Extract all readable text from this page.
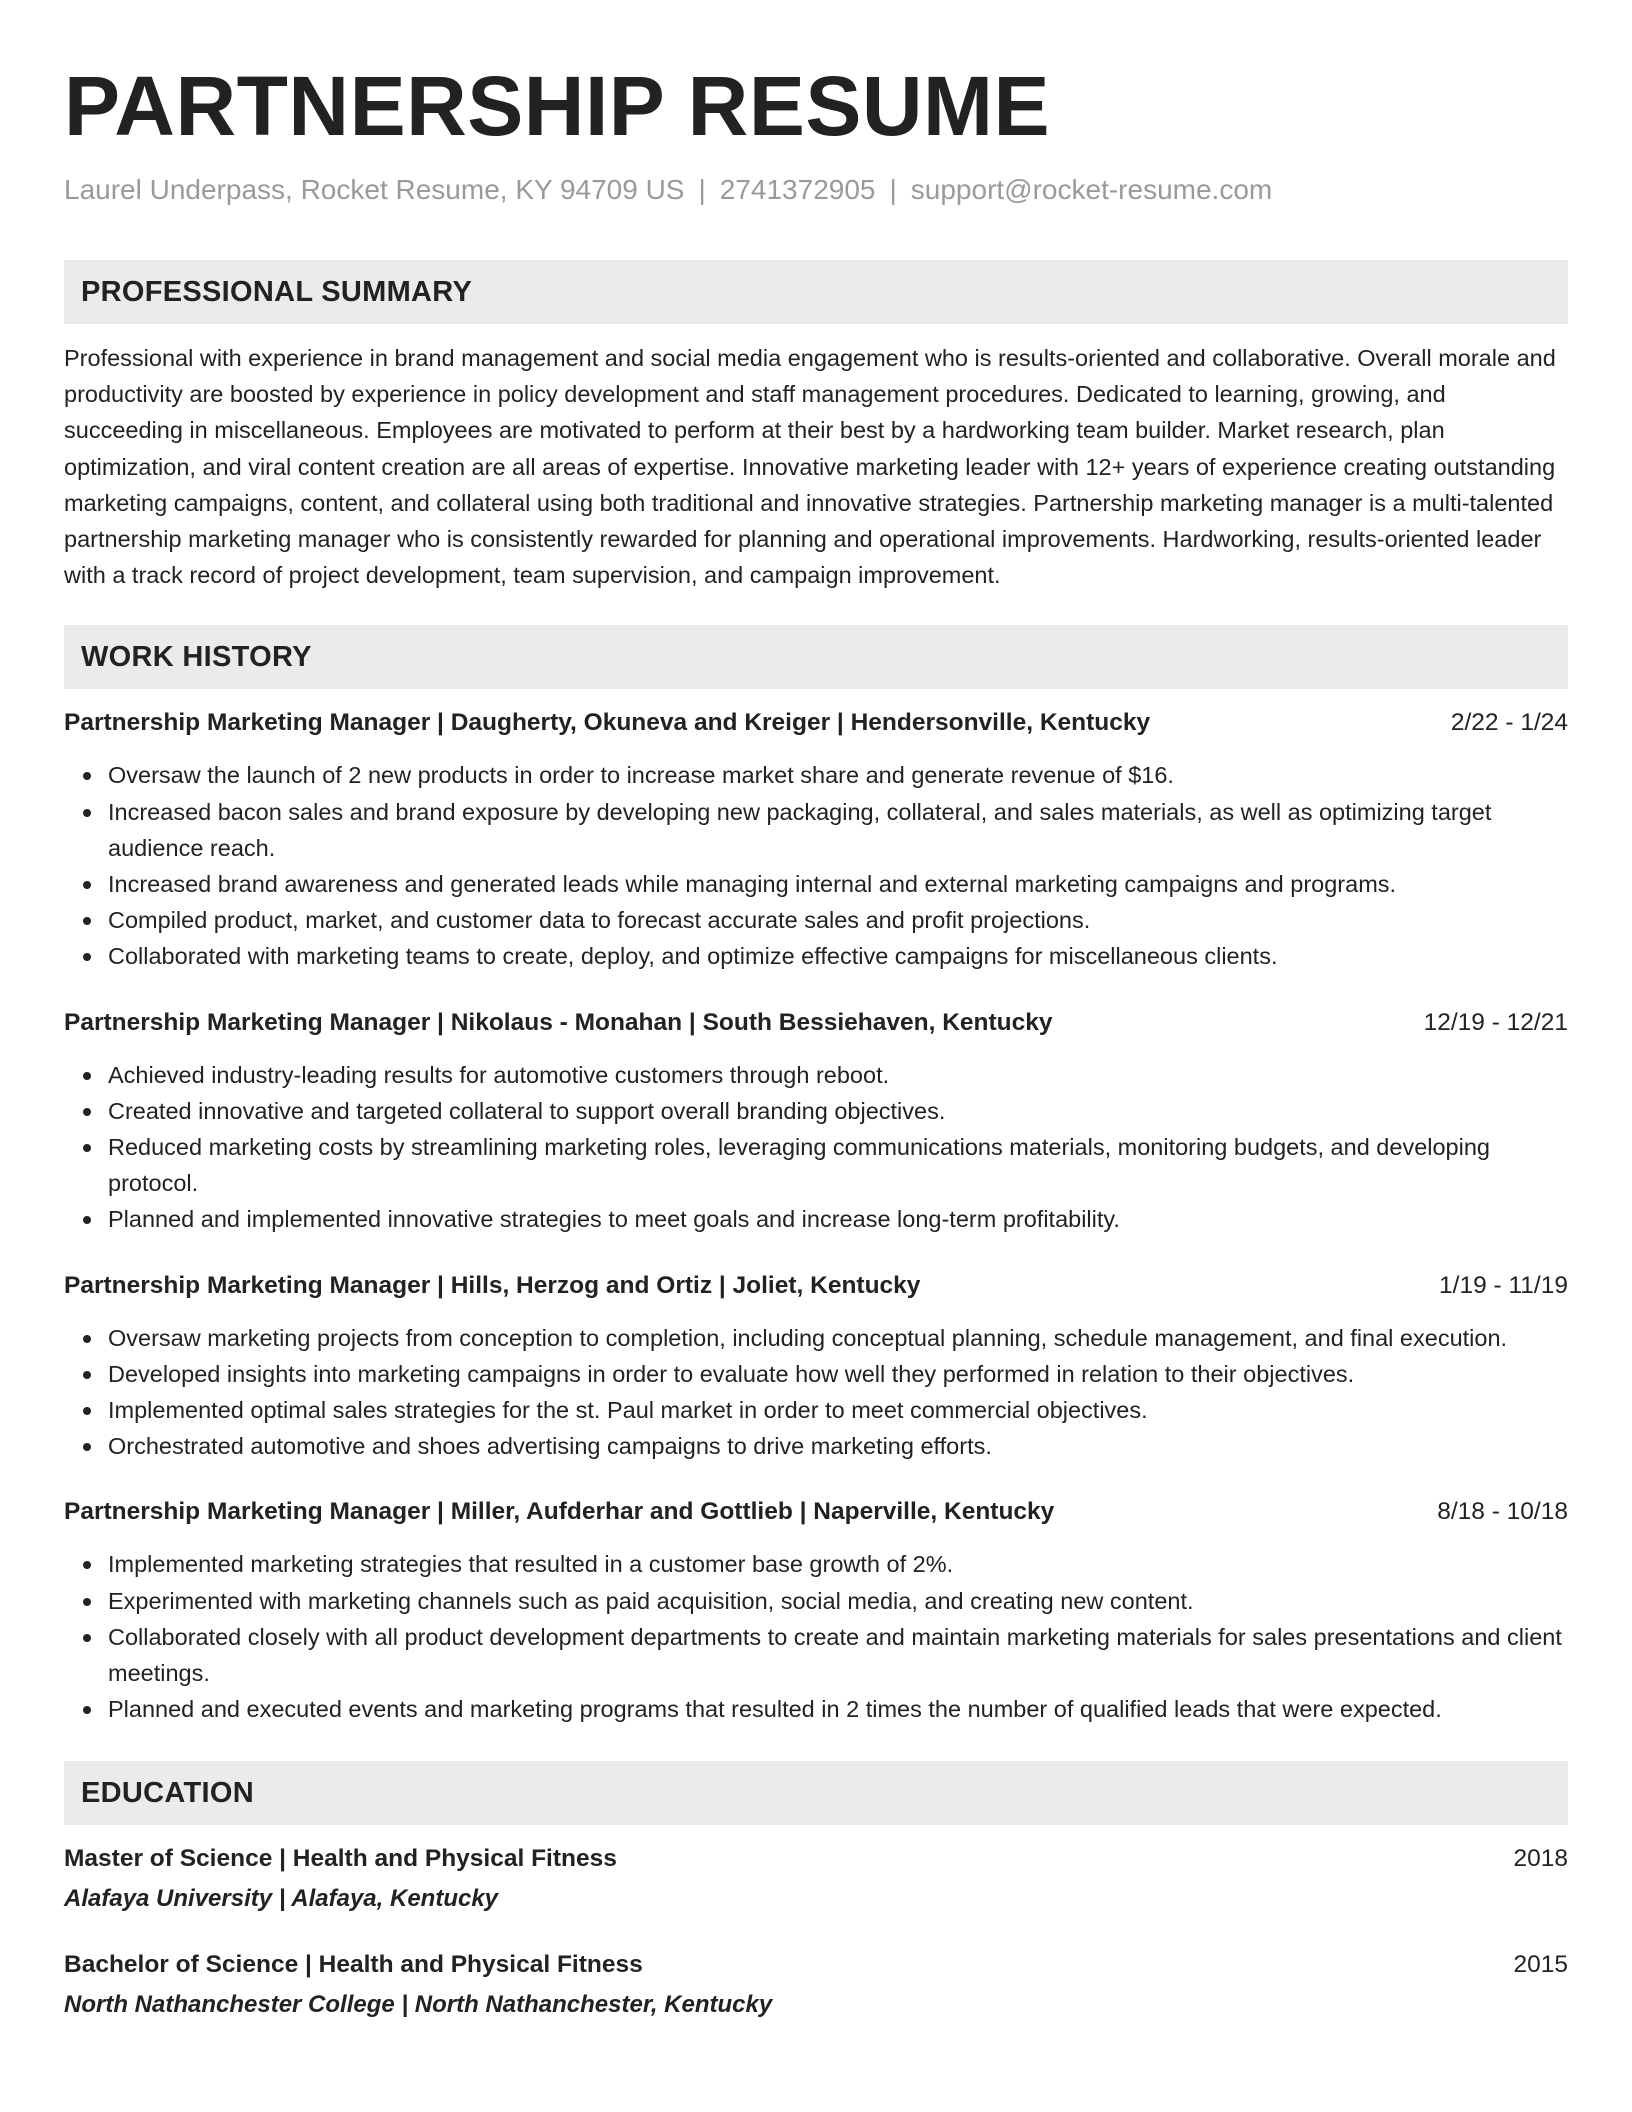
PARTNERSHIP RESUME
Laurel Underpass, Rocket Resume, KY 94709 US | 2741372905 | support@rocket-resume.com
PROFESSIONAL SUMMARY
Professional with experience in brand management and social media engagement who is results-oriented and collaborative. Overall morale and productivity are boosted by experience in policy development and staff management procedures. Dedicated to learning, growing, and succeeding in miscellaneous. Employees are motivated to perform at their best by a hardworking team builder. Market research, plan optimization, and viral content creation are all areas of expertise. Innovative marketing leader with 12+ years of experience creating outstanding marketing campaigns, content, and collateral using both traditional and innovative strategies. Partnership marketing manager is a multi-talented partnership marketing manager who is consistently rewarded for planning and operational improvements. Hardworking, results-oriented leader with a track record of project development, team supervision, and campaign improvement.
WORK HISTORY
Partnership Marketing Manager | Daugherty, Okuneva and Kreiger | Hendersonville, Kentucky	2/22 - 1/24
Oversaw the launch of 2 new products in order to increase market share and generate revenue of $16.
Increased bacon sales and brand exposure by developing new packaging, collateral, and sales materials, as well as optimizing target audience reach.
Increased brand awareness and generated leads while managing internal and external marketing campaigns and programs.
Compiled product, market, and customer data to forecast accurate sales and profit projections.
Collaborated with marketing teams to create, deploy, and optimize effective campaigns for miscellaneous clients.
Partnership Marketing Manager | Nikolaus - Monahan | South Bessiehaven, Kentucky	12/19 - 12/21
Achieved industry-leading results for automotive customers through reboot.
Created innovative and targeted collateral to support overall branding objectives.
Reduced marketing costs by streamlining marketing roles, leveraging communications materials, monitoring budgets, and developing protocol.
Planned and implemented innovative strategies to meet goals and increase long-term profitability.
Partnership Marketing Manager | Hills, Herzog and Ortiz | Joliet, Kentucky	1/19 - 11/19
Oversaw marketing projects from conception to completion, including conceptual planning, schedule management, and final execution.
Developed insights into marketing campaigns in order to evaluate how well they performed in relation to their objectives.
Implemented optimal sales strategies for the st. Paul market in order to meet commercial objectives.
Orchestrated automotive and shoes advertising campaigns to drive marketing efforts.
Partnership Marketing Manager | Miller, Aufderhar and Gottlieb | Naperville, Kentucky	8/18 - 10/18
Implemented marketing strategies that resulted in a customer base growth of 2%.
Experimented with marketing channels such as paid acquisition, social media, and creating new content.
Collaborated closely with all product development departments to create and maintain marketing materials for sales presentations and client meetings.
Planned and executed events and marketing programs that resulted in 2 times the number of qualified leads that were expected.
EDUCATION
Master of Science | Health and Physical Fitness	2018
Alafaya University | Alafaya, Kentucky
Bachelor of Science | Health and Physical Fitness	2015
North Nathanchester College | North Nathanchester, Kentucky
